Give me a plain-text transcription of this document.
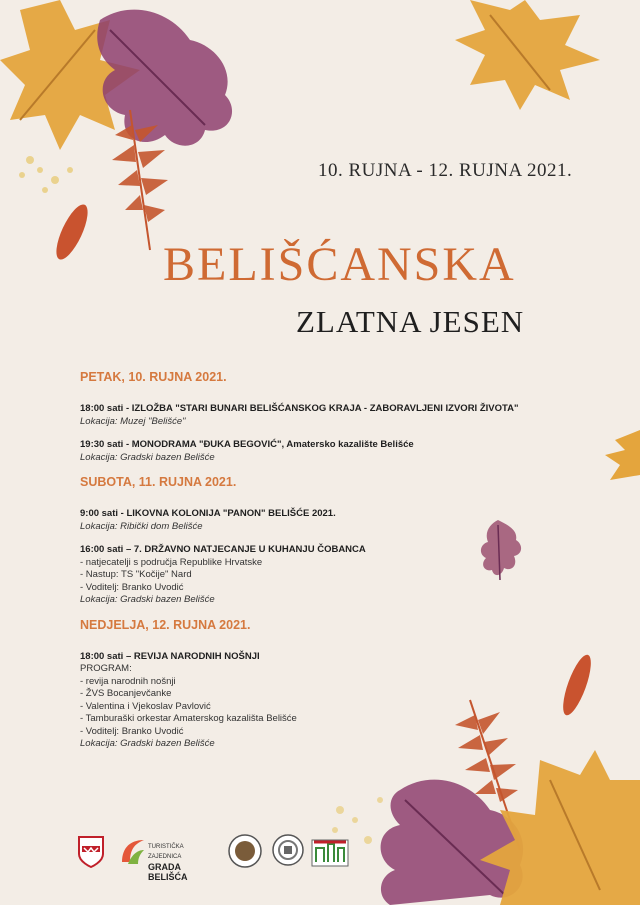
10. RUJNA - 12. RUJNA 2021.
BELIŠĆANSKA
ZLATNA JESEN
PETAK, 10. RUJNA 2021.
18:00 sati - IZLOŽBA "STARI BUNARI BELIŠĆANSKOG KRAJA - ZABORAVLJENI IZVORI ŽIVOTA"
Lokacija: Muzej "Belišće"
19:30 sati - MONODRAMA "ĐUKA BEGOVIĆ", Amatersko kazalište Belišće
Lokacija: Gradski bazen Belišće
SUBOTA, 11. RUJNA 2021.
9:00 sati - LIKOVNA KOLONIJA "PANON" BELIŠĆE 2021.
Lokacija: Ribički dom Belišće
16:00 sati – 7. DRŽAVNO NATJECANJE U KUHANJU ČOBANCA
- natjecatelji s područja Republike Hrvatske
- Nastup: TS "Kočije" Nard
- Voditelj: Branko Uvodić
Lokacija: Gradski bazen Belišće
NEDJELJA, 12. RUJNA 2021.
18:00 sati – REVIJA NARODNIH NOŠNJI
PROGRAM:
- revija narodnih nošnji
- ŽVS Bocanjevčanke
- Valentina i Vjekoslav Pavlović
- Tamburaški orkestar Amaterskog kazališta Belišće
- Voditelj: Branko Uvodić
Lokacija: Gradski bazen Belišće
TURISTIČKA ZAJEDNICA
GRADA BELIŠĆA
